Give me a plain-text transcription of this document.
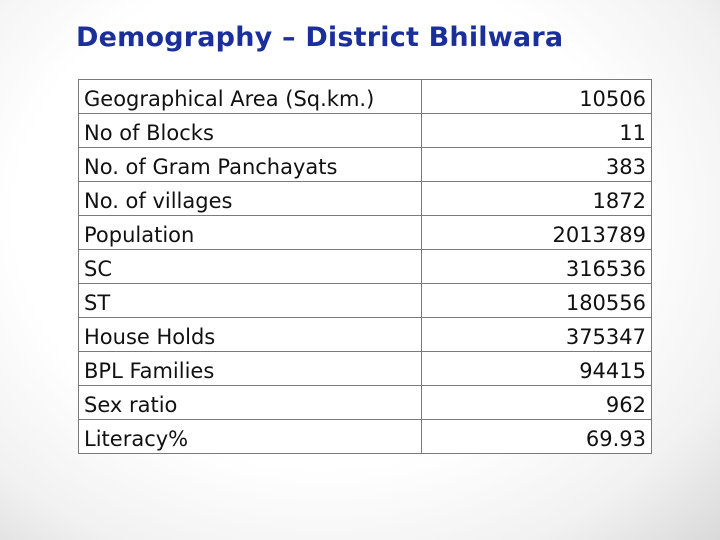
Demography – District Bhilwara
Geographical Area (Sq.km.)	10506
No of Blocks	11
No. of Gram Panchayats	383
No. of villages	1872
Population	2013789
SC	316536
ST	180556
House Holds	375347
BPL Families	94415
Sex ratio	962
Literacy%	69.93
